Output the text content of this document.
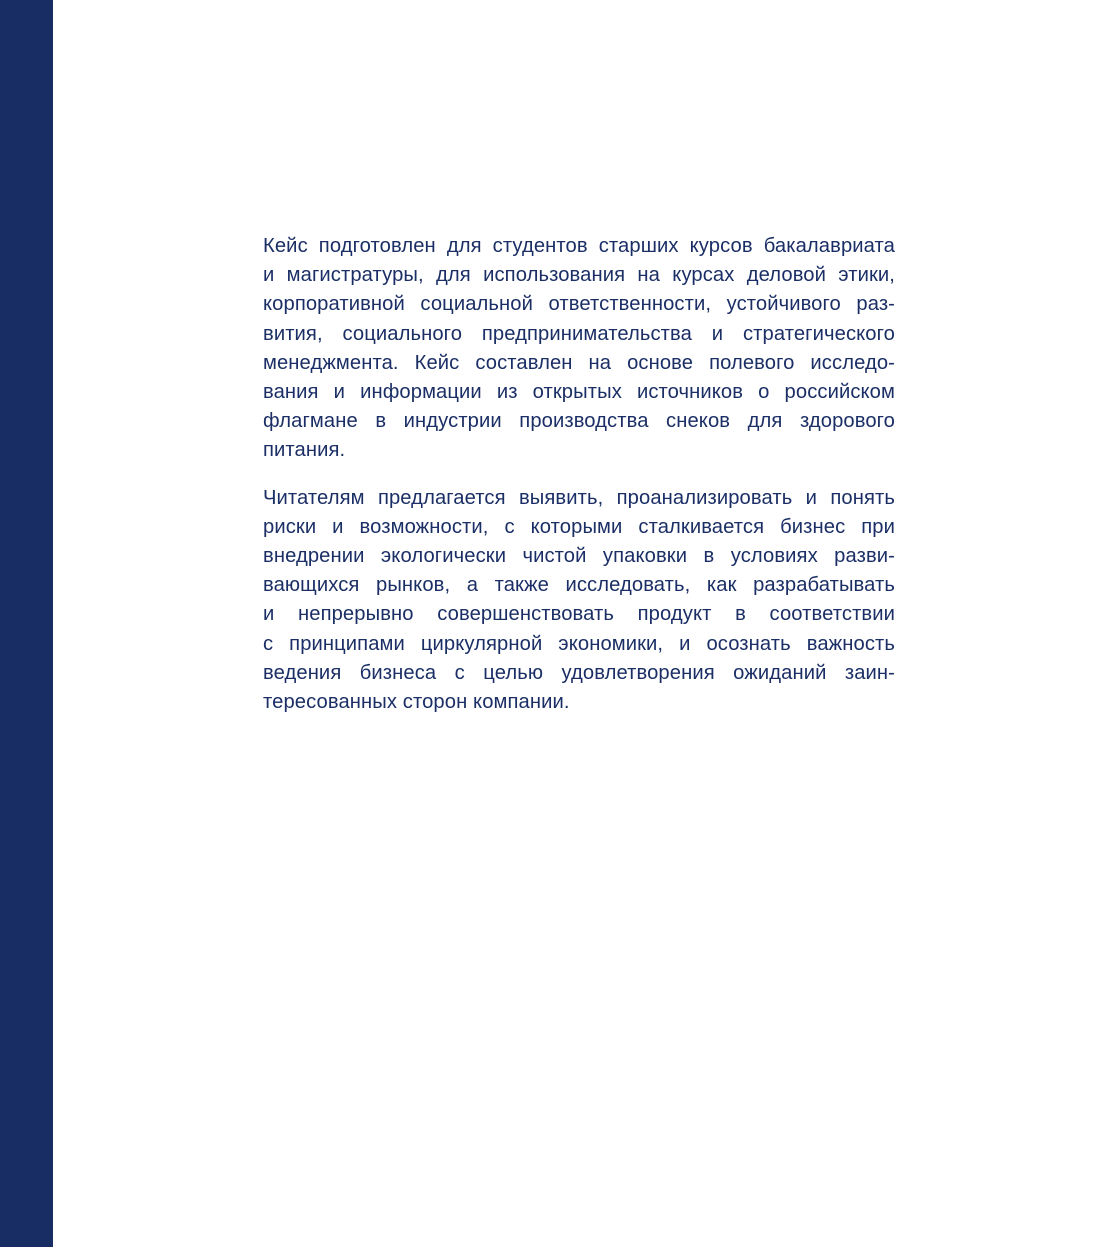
Кейс подготовлен для студентов старших курсов бакалавриата
и магистратуры, для использования на курсах деловой этики,
корпоративной социальной ответственности, устойчивого раз-
вития, социального предпринимательства и стратегического
менеджмента. Кейс составлен на основе полевого исследо-
вания и информации из открытых источников о российском
флагмане в индустрии производства снеков для здорового
питания.

Читателям предлагается выявить, проанализировать и понять
риски и возможности, с которыми сталкивается бизнес при
внедрении экологически чистой упаковки в условиях разви-
вающихся рынков, а также исследовать, как разрабатывать
и непрерывно совершенствовать продукт в соответствии
с принципами циркулярной экономики, и осознать важность
ведения бизнеса с целью удовлетворения ожиданий заин-
тересованных сторон компании.
